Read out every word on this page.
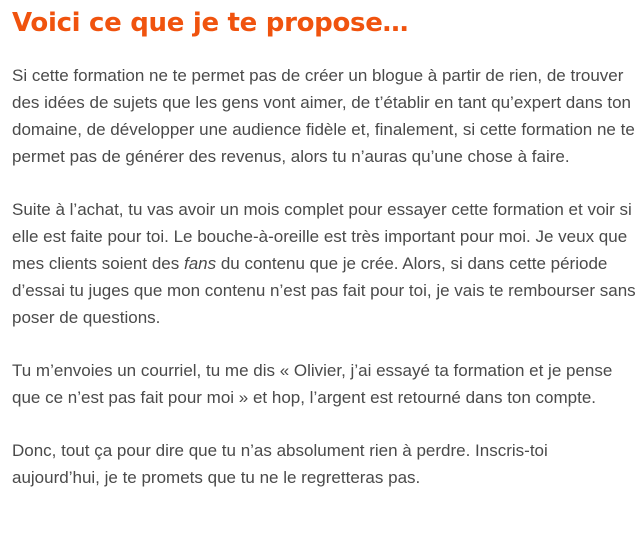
Voici ce que je te propose…

Si cette formation ne te permet pas de créer un blogue à partir de rien, de trouver des idées de sujets que les gens vont aimer, de t’établir en tant qu’expert dans ton domaine, de développer une audience fidèle et, finalement, si cette formation ne te permet pas de générer des revenus, alors tu n’auras qu’une chose à faire.

Suite à l’achat, tu vas avoir un mois complet pour essayer cette formation et voir si elle est faite pour toi. Le bouche-à-oreille est très important pour moi. Je veux que mes clients soient des fans du contenu que je crée. Alors, si dans cette période d’essai tu juges que mon contenu n’est pas fait pour toi, je vais te rembourser sans poser de questions.

Tu m’envoies un courriel, tu me dis « Olivier, j’ai essayé ta formation et je pense que ce n’est pas fait pour moi » et hop, l’argent est retourné dans ton compte.

Donc, tout ça pour dire que tu n’as absolument rien à perdre. Inscris-toi aujourd’hui, je te promets que tu ne le regretteras pas.
